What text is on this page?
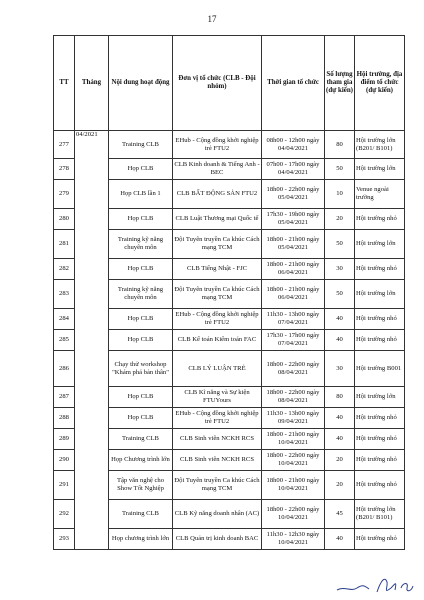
17
TT	Tháng	Nội dung hoạt động	Đơn vị tổ chức (CLB - Đội nhóm)	Thời gian tổ chức	Số lượng tham gia (dự kiến)	Hội trường, địa điểm tổ chức (dự kiến)
277	04/2021	Training CLB	EHub - Cộng đồng khởi nghiệp trẻ FTU2	08h00 - 12h00 ngày 04/04/2021	80	Hội trường lớn (B201/ B101)
278		Họp CLB	CLB Kinh doanh & Tiếng Anh - BEC	07h00 - 17h00 ngày 04/04/2021	50	Hội trường lớn
279		Họp CLB lần 1	CLB BẤT ĐỘNG SẢN FTU2	18h00 - 22h00 ngày 05/04/2021	10	Venue ngoài trường
280		Họp CLB	CLB Luật Thương mại Quốc tế	17h30 - 19h00 ngày 05/04/2021	20	Hội trường nhỏ
281		Training kỹ năng chuyên môn	Đội Tuyên truyền Ca khúc Cách mạng TCM	18h00 - 21h00 ngày 05/04/2021	50	Hội trường lớn
282		Họp CLB	CLB Tiếng Nhật - FJC	18h00 - 21h00 ngày 06/04/2021	30	Hội trường nhỏ
283		Training kỹ năng chuyên môn	Đội Tuyên truyền Ca khúc Cách mạng TCM	18h00 - 21h00 ngày 06/04/2021	50	Hội trường lớn
284		Họp CLB	EHub - Cộng đồng khởi nghiệp trẻ FTU2	11h30 - 13h00 ngày 07/04/2021	40	Hội trường nhỏ
285		Họp CLB	CLB Kế toán Kiểm toán FAC	17h30 - 17h00 ngày 07/04/2021	40	Hội trường nhỏ
286		Chạy thử workshop "Khám phá bản thân"	CLB LÝ LUẬN TRẺ	18h00 - 22h00 ngày 08/04/2021	30	Hội trường B001
287		Họp CLB	CLB Kĩ năng và Sự kiện FTUYours	18h00 - 22h00 ngày 08/04/2021	80	Hội trường lớn
288		Họp CLB	EHub - Cộng đồng khởi nghiệp trẻ FTU2	11h30 - 13h00 ngày 09/04/2021	40	Hội trường nhỏ
289		Training CLB	CLB Sinh viên NCKH RCS	18h00 - 21h00 ngày 10/04/2021	40	Hội trường nhỏ
290		Họp Chương trình lớn	CLB Sinh viên NCKH RCS	18h00 - 22h00 ngày 10/04/2021	20	Hội trường nhỏ
291		Tập văn nghệ cho Show Tốt Nghiệp	Đội Tuyên truyền Ca khúc Cách mạng TCM	18h00 - 21h00 ngày 10/04/2021	20	Hội trường nhỏ
292		Training CLB	CLB Kỹ năng doanh nhân (AC)	18h00 - 22h00 ngày 10/04/2021	45	Hội trường lớn (B201/ B101)
293		Họp chương trình lớn	CLB Quản trị kinh doanh BAC	11h30 - 12h30 ngày 10/04/2021	40	Hội trường nhỏ
